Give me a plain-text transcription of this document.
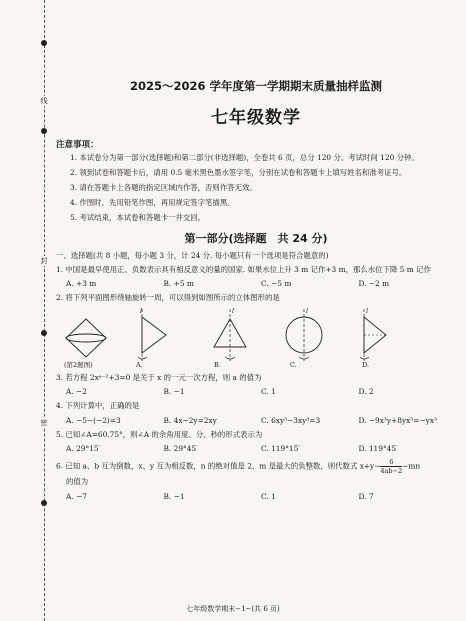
线
封
密
2025～2026 学年度第一学期期末质量抽样监测
七年级数学
注意事项：
1. 本试卷分为第一部分(选择题)和第二部分(非选择题)，全卷共 6 页，总分 120 分。考试时间 120 分钟。
2. 领到试卷和答题卡后，请用 0.5 毫米黑色墨水签字笔，分别在试卷和答题卡上填写姓名和准考证号。
3. 请在答题卡上各题的指定区域内作答，否则作答无效。
4. 作图时，先用铅笔作图，再用规定签字笔描黑。
5. 考试结束，本试卷和答题卡一并交回。
第一部分(选择题　共 24 分)
一、选择题(共 8 小题，每小题 3 分，计 24 分. 每小题只有一个选项是符合题意的)
1. 中国是最早使用正、负数表示具有相反意义的量的国家. 如果水位上升 3 m 记作+3 m，那么水位下降 5 m 记作
A. +3 m	B. +5 m	C. −5 m	D. −2 m
2. 将下列平面图形绕轴旋转一周，可以得到如图所示的立体图形的是
(第2题图)
l
A.
l
B.
l
C.
l
D.
3. 若方程 2xᵃ⁻²+3=0 是关于 x 的一元一次方程，则 a 的值为
A. −2	B. −1	C. 1	D. 2
4. 下列计算中，正确的是
A. −5−(−2)=3	B. 4x−2y=2xy	C. 6xy³−3xy³=3	D. −9x³y+8yx³=−yx³
5. 已知∠A=60.75°，则∠A 的余角用度、分、秒的形式表示为
A. 29°15′	B. 29°45′	C. 119°15′	D. 119°45′
6. 已知 a、b 互为倒数，x、y 互为相反数，n 的绝对值是 2，m 是最大的负整数，则代数式 $x+y- \frac{6}{4ab-2} -mn$
的值为
A. −7	B. −1	C. 1	D. 7
七年级数学期末−1−(共 6 页)
